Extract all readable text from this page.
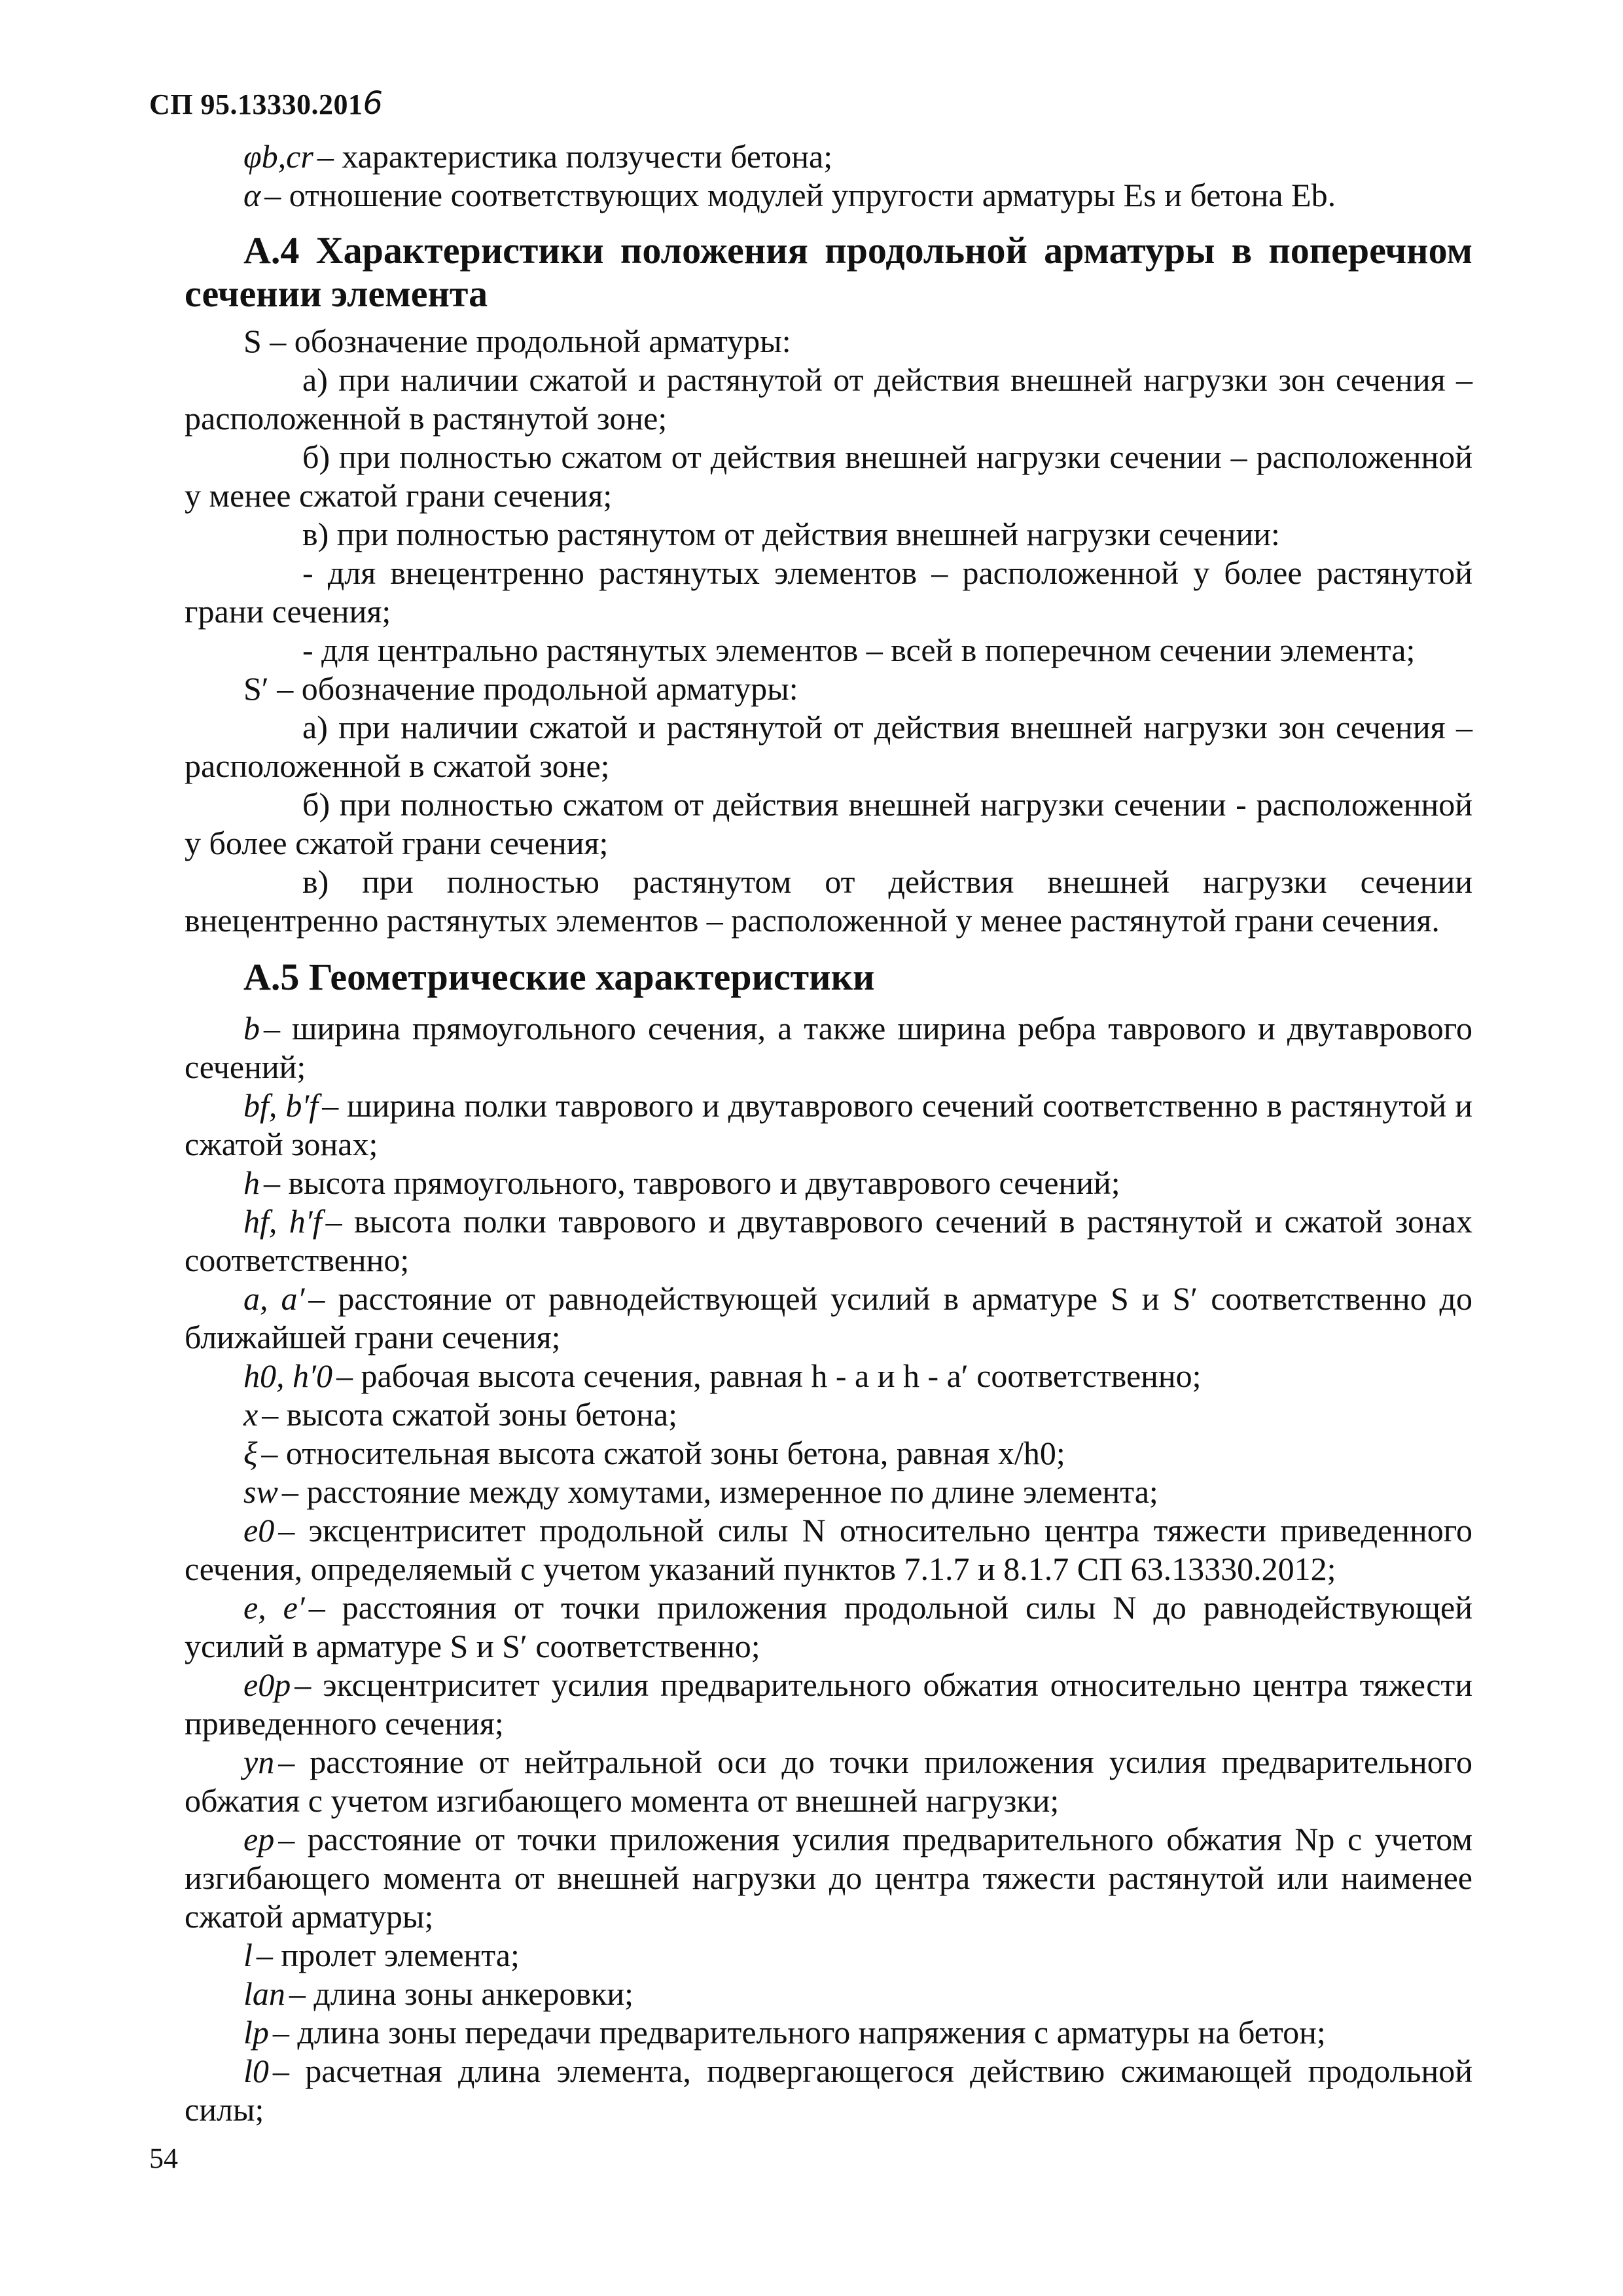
СП 95.13330.2016

φb,cr – характеристика ползучести бетона;

α – отношение соответствующих модулей упругости арматуры Es и бетона Eb.

А.4 Характеристики положения продольной арматуры в поперечном сечении элемента

S – обозначение продольной арматуры:

а) при наличии сжатой и растянутой от действия внешней нагрузки зон сечения – расположенной в растянутой зоне;

б) при полностью сжатом от действия внешней нагрузки сечении – расположенной у менее сжатой грани сечения;

в) при полностью растянутом от действия внешней нагрузки сечении:

- для внецентренно растянутых элементов – расположенной у более растянутой грани сечения;

- для центрально растянутых элементов – всей в поперечном сечении элемента;

S′ – обозначение продольной арматуры:

а) при наличии сжатой и растянутой от действия внешней нагрузки зон сечения – расположенной в сжатой зоне;

б) при полностью сжатом от действия внешней нагрузки сечении - расположенной у более сжатой грани сечения;

в) при полностью растянутом от действия внешней нагрузки сечении внецентренно растянутых элементов – расположенной у менее растянутой грани сечения.

А.5 Геометрические характеристики

b – ширина прямоугольного сечения, а также ширина ребра таврового и двутаврового сечений;

bf, b′f – ширина полки таврового и двутаврового сечений соответственно в растянутой и сжатой зонах;

h – высота прямоугольного, таврового и двутаврового сечений;

hf, h′f – высота полки таврового и двутаврового сечений в растянутой и сжатой зонах соответственно;

a, a′ – расстояние от равнодействующей усилий в арматуре S и S′ соответственно до ближайшей грани сечения;

h0, h′0 – рабочая высота сечения, равная h - a и h - a′ соответственно;

x – высота сжатой зоны бетона;

ξ – относительная высота сжатой зоны бетона, равная x/h0;

sw – расстояние между хомутами, измеренное по длине элемента;

e0 – эксцентриситет продольной силы N относительно центра тяжести приведенного сечения, определяемый с учетом указаний пунктов 7.1.7 и 8.1.7 СП 63.13330.2012;

e, e′ – расстояния от точки приложения продольной силы N до равнодействующей усилий в арматуре S и S′ соответственно;

e0p – эксцентриситет усилия предварительного обжатия относительно центра тяжести приведенного сечения;

yn – расстояние от нейтральной оси до точки приложения усилия предварительного обжатия с учетом изгибающего момента от внешней нагрузки;

ep – расстояние от точки приложения усилия предварительного обжатия Np с учетом изгибающего момента от внешней нагрузки до центра тяжести растянутой или наименее сжатой арматуры;

l – пролет элемента;

lan – длина зоны анкеровки;

lp – длина зоны передачи предварительного напряжения с арматуры на бетон;

l0 – расчетная длина элемента, подвергающегося действию сжимающей продольной силы;

54
